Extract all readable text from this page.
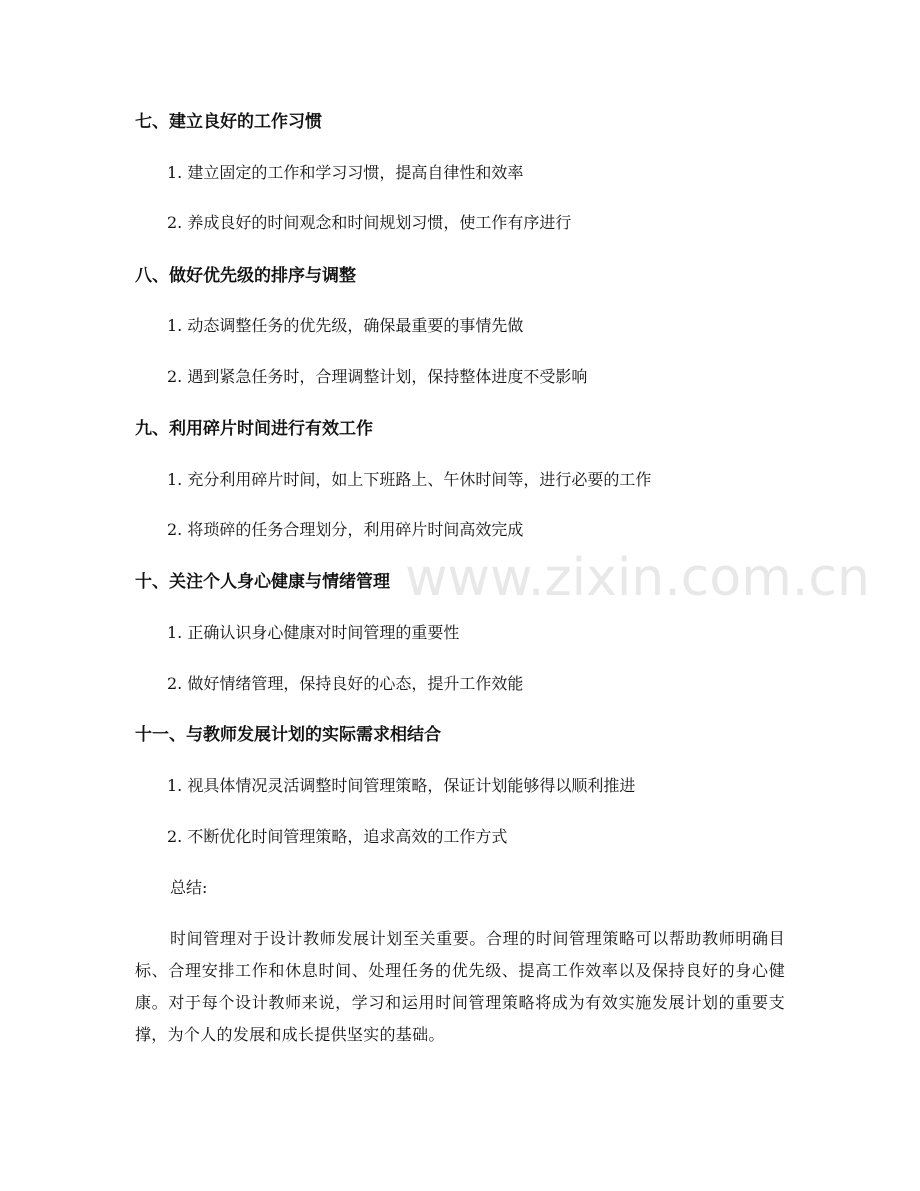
七、建立良好的工作习惯
1. 建立固定的工作和学习习惯，提高自律性和效率
2. 养成良好的时间观念和时间规划习惯，使工作有序进行
八、做好优先级的排序与调整
1. 动态调整任务的优先级，确保最重要的事情先做
2. 遇到紧急任务时，合理调整计划，保持整体进度不受影响
九、利用碎片时间进行有效工作
1. 充分利用碎片时间，如上下班路上、午休时间等，进行必要的工作
2. 将琐碎的任务合理划分，利用碎片时间高效完成
十、关注个人身心健康与情绪管理
1. 正确认识身心健康对时间管理的重要性
2. 做好情绪管理，保持良好的心态，提升工作效能
十一、与教师发展计划的实际需求相结合
1. 视具体情况灵活调整时间管理策略，保证计划能够得以顺利推进
2. 不断优化时间管理策略，追求高效的工作方式
总结:
时间管理对于设计教师发展计划至关重要。合理的时间管理策略可以帮助教师明确目标、合理安排工作和休息时间、处理任务的优先级、提高工作效率以及保持良好的身心健康。对于每个设计教师来说，学习和运用时间管理策略将成为有效实施发展计划的重要支撑，为个人的发展和成长提供坚实的基础。
www.zixin.com.cn
